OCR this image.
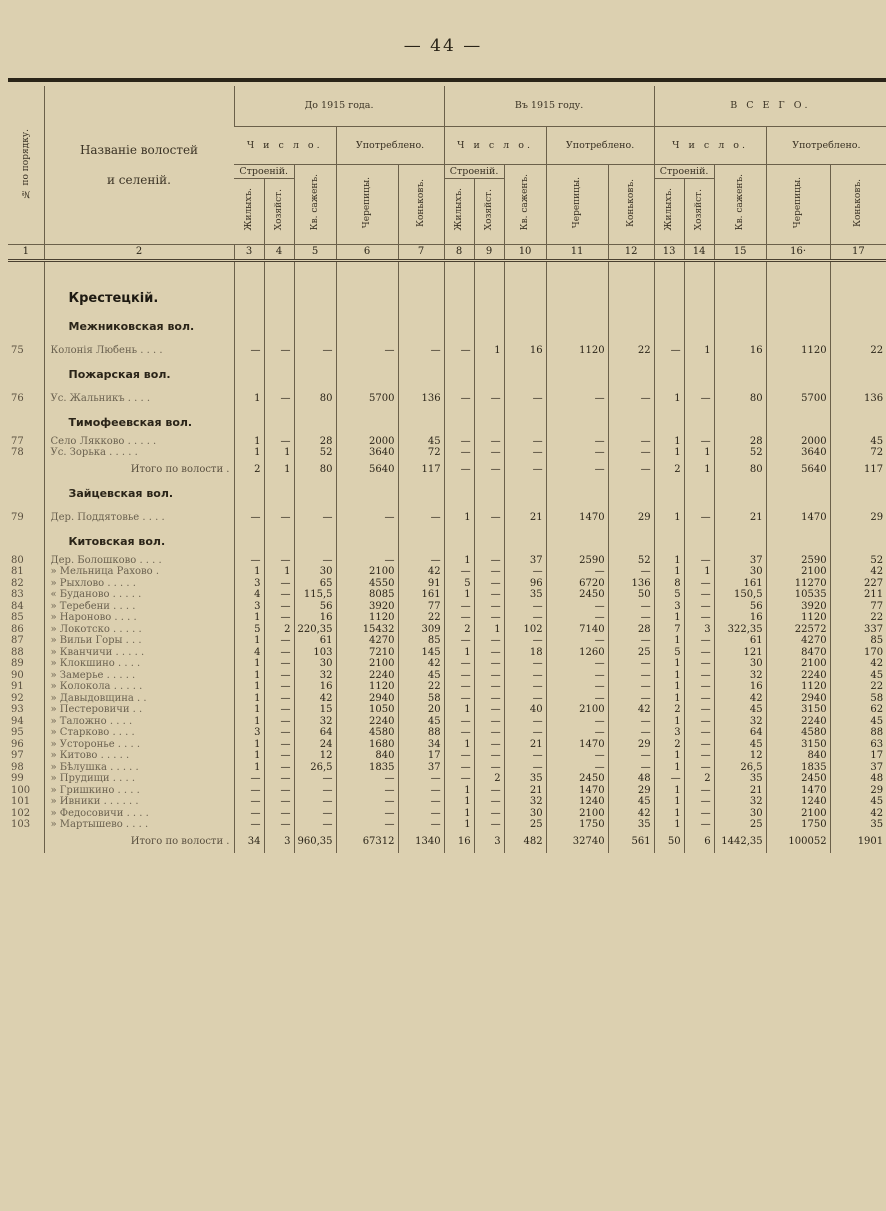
— 44 —
№ по порядку.	Названіе волостей
и селеній.	До 1915 года.					Въ 1915 году.					В С Е Г О.				
		Ч и с л о.			Употреблено.		Ч и с л о.			Употреблено.		Ч и с л о.			Употреблено.	
		Строеній.		Кв. саженъ.	Черепицы.	Коньковъ.	Строеній.		Кв. саженъ.	Черепицы.	Коньковъ.	Строеній.		Кв. саженъ.	Черепицы.	Коньковъ.
		Жилыхъ.	Хозяйст.				Жилыхъ.	Хозяйст.				Жилыхъ.	Хозяйст.			
1	2	3	4	5	6	7	8	9	10	11	12	13	14	15	16·	17

	Крестецкій.															
	Межниковская вол.															
75	Колонія Любень . . . .	—	—	—	—	—	—	1	16	1120	22	—	1	16	1120	22
	Пожарская вол.															
76	Ус. Жальникъ . . . .	1	—	80	5700	136	—	—	—	—	—	1	—	80	5700	136
	Тимофеевская вол.															
77	Село Лякково . . . . .	1	—	28	2000	45	—	—	—	—	—	1	—	28	2000	45
78	Ус. Зорька . . . . .	1	1	52	3640	72	—	—	—	—	—	1	1	52	3640	72
	Итого по волости .	2	1	80	5640	117	—	—	—	—	—	2	1	80	5640	117
	Зайцевская вол.															
79	Дер. Поддятовье . . . .	—	—	—	—	—	1	—	21	1470	29	1	—	21	1470	29
	Китовская вол.															
80	Дер. Болошково . . . .	—	—	—	—	—	1	—	37	2590	52	1	—	37	2590	52
81	» Мельница Рахово .	1	1	30	2100	42	—	—	—	—	—	1	1	30	2100	42
82	» Рыхлово . . . . .	3	—	65	4550	91	5	—	96	6720	136	8	—	161	11270	227
83	« Буданово . . . . .	4	—	115,5	8085	161	1	—	35	2450	50	5	—	150,5	10535	211
84	» Теребени . . . .	3	—	56	3920	77	—	—	—	—	—	3	—	56	3920	77
85	» Нароново . . . .	1	—	16	1120	22	—	—	—	—	—	1	—	16	1120	22
86	» Локотско . . . . .	5	2	220,35	15432	309	2	1	102	7140	28	7	3	322,35	22572	337
87	» Вильи Горы . . .	1	—	61	4270	85	—	—	—	—	—	1	—	61	4270	85
88	» Кванчичи . . . . .	4	—	103	7210	145	1	—	18	1260	25	5	—	121	8470	170
89	» Клокшино . . . .	1	—	30	2100	42	—	—	—	—	—	1	—	30	2100	42
90	» Замерье . . . . .	1	—	32	2240	45	—	—	—	—	—	1	—	32	2240	45
91	» Колокола . . . . .	1	—	16	1120	22	—	—	—	—	—	1	—	16	1120	22
92	» Давыдовщина . .	1	—	42	2940	58	—	—	—	—	—	1	—	42	2940	58
93	» Пестеровичи . .	1	—	15	1050	20	1	—	40	2100	42	2	—	45	3150	62
94	» Таложно . . . .	1	—	32	2240	45	—	—	—	—	—	1	—	32	2240	45
95	» Старково . . . .	3	—	64	4580	88	—	—	—	—	—	3	—	64	4580	88
96	» Устоpонье . . . .	1	—	24	1680	34	1	—	21	1470	29	2	—	45	3150	63
97	» Китово . . . . .	1	—	12	840	17	—	—	—	—	—	1	—	12	840	17
98	» Бѣлушка . . . . .	1	—	26,5	1835	37	—	—	—	—	—	1	—	26,5	1835	37
99	» Прудищи . . . .	—	—	—	—	—	—	2	35	2450	48	—	2	35	2450	48
100	» Гришкино . . . .	—	—	—	—	—	1	—	21	1470	29	1	—	21	1470	29
101	» Ивники . . . . . .	—	—	—	—	—	1	—	32	1240	45	1	—	32	1240	45
102	» Федосовичи . . . .	—	—	—	—	—	1	—	30	2100	42	1	—	30	2100	42
103	» Мартышево . . . .	—	—	—	—	—	1	—	25	1750	35	1	—	25	1750	35
	Итого по волости .	34	3	960,35	67312	1340	16	3	482	32740	561	50	6	1442,35	100052	1901
